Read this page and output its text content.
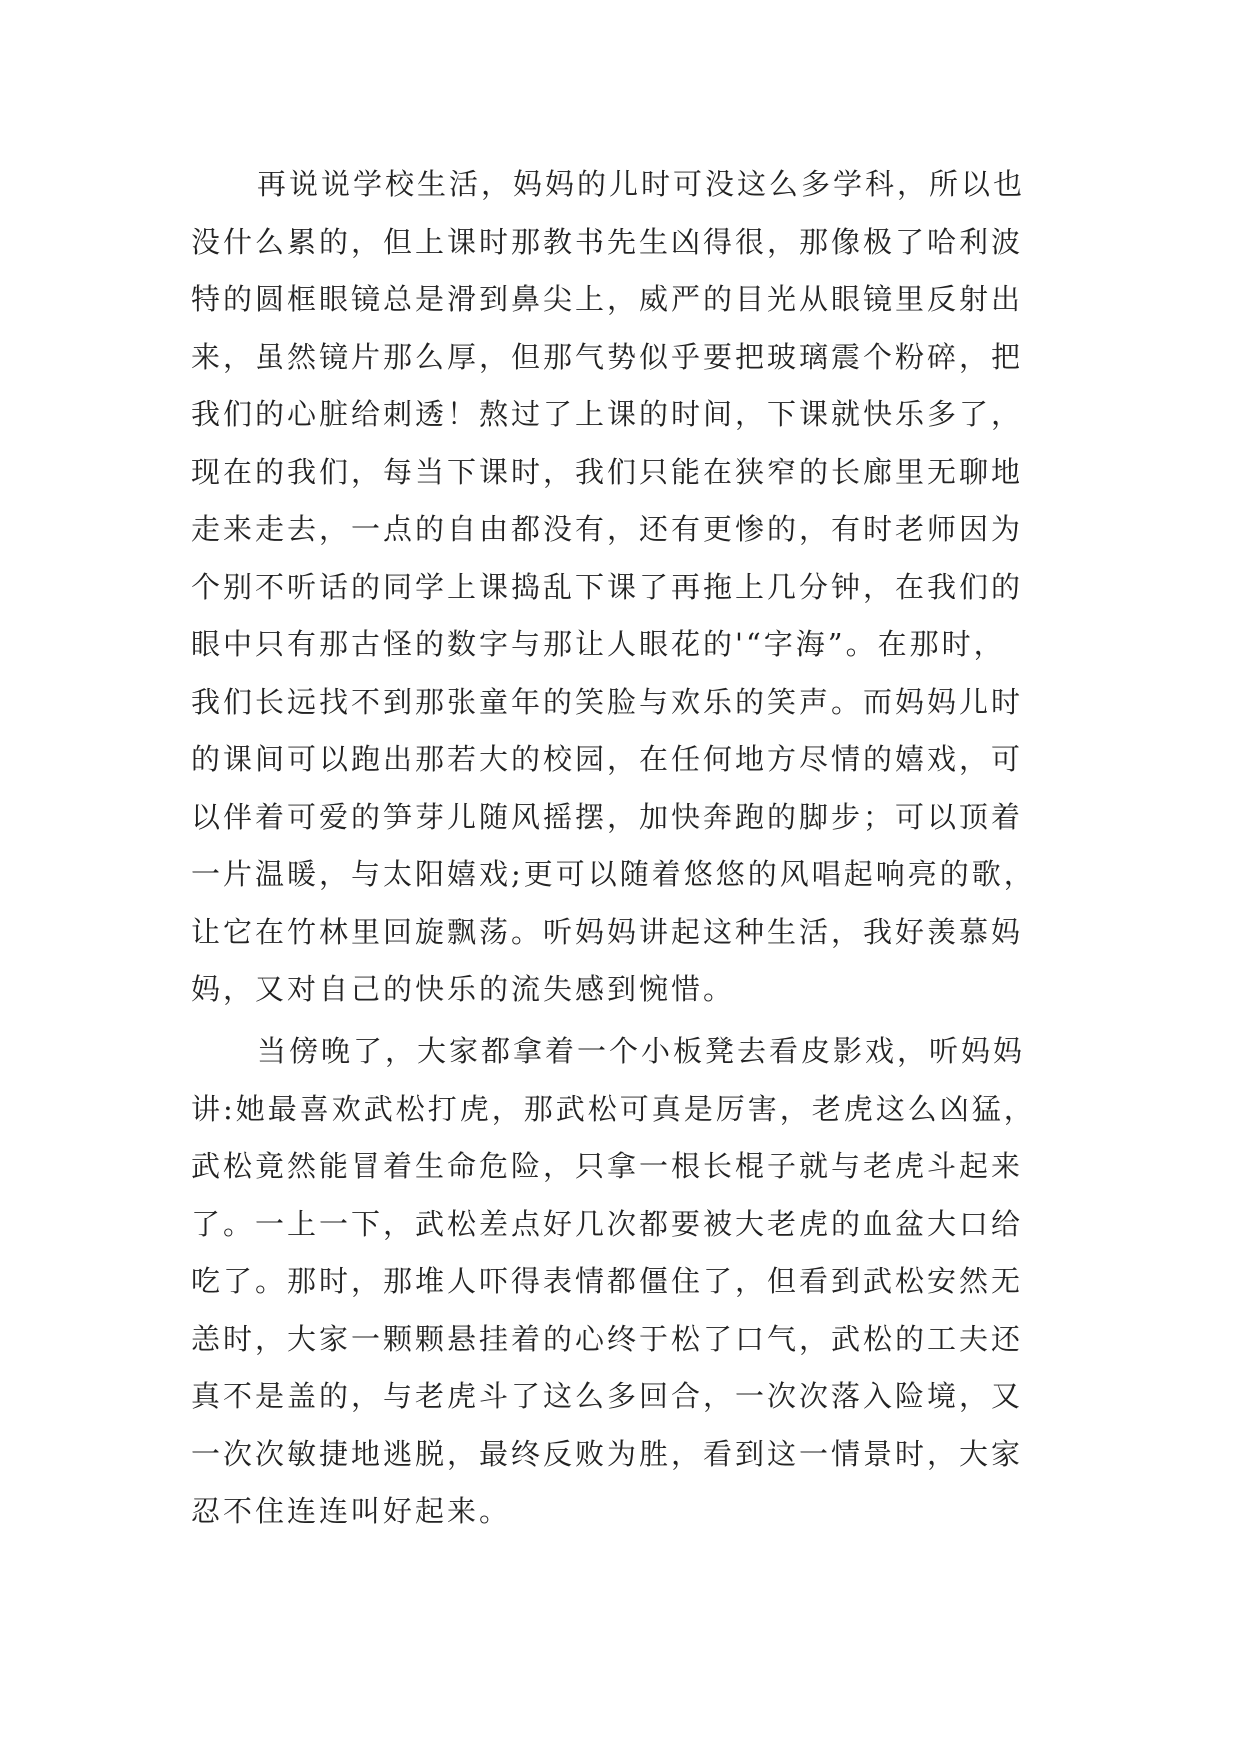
再说说学校生活，妈妈的儿时可没这么多学科，所以也
没什么累的，但上课时那教书先生凶得很，那像极了哈利波
特的圆框眼镜总是滑到鼻尖上，威严的目光从眼镜里反射出
来，虽然镜片那么厚，但那气势似乎要把玻璃震个粉碎，把
我们的心脏给刺透！熬过了上课的时间，下课就快乐多了，
现在的我们，每当下课时，我们只能在狭窄的长廊里无聊地
走来走去，一点的自由都没有，还有更惨的，有时老师因为
个别不听话的同学上课捣乱下课了再拖上几分钟，在我们的
眼中只有那古怪的数字与那让人眼花的'“字海”。在那时，
我们长远找不到那张童年的笑脸与欢乐的笑声。而妈妈儿时
的课间可以跑出那若大的校园，在任何地方尽情的嬉戏，可
以伴着可爱的笋芽儿随风摇摆，加快奔跑的脚步；可以顶着
一片温暖，与太阳嬉戏;更可以随着悠悠的风唱起响亮的歌，
让它在竹林里回旋飘荡。听妈妈讲起这种生活，我好羡慕妈
妈，又对自己的快乐的流失感到惋惜。
当傍晚了，大家都拿着一个小板凳去看皮影戏，听妈妈
讲:她最喜欢武松打虎，那武松可真是厉害，老虎这么凶猛，
武松竟然能冒着生命危险，只拿一根长棍子就与老虎斗起来
了。一上一下，武松差点好几次都要被大老虎的血盆大口给
吃了。那时，那堆人吓得表情都僵住了，但看到武松安然无
恙时，大家一颗颗悬挂着的心终于松了口气，武松的工夫还
真不是盖的，与老虎斗了这么多回合，一次次落入险境，又
一次次敏捷地逃脱，最终反败为胜，看到这一情景时，大家
忍不住连连叫好起来。
